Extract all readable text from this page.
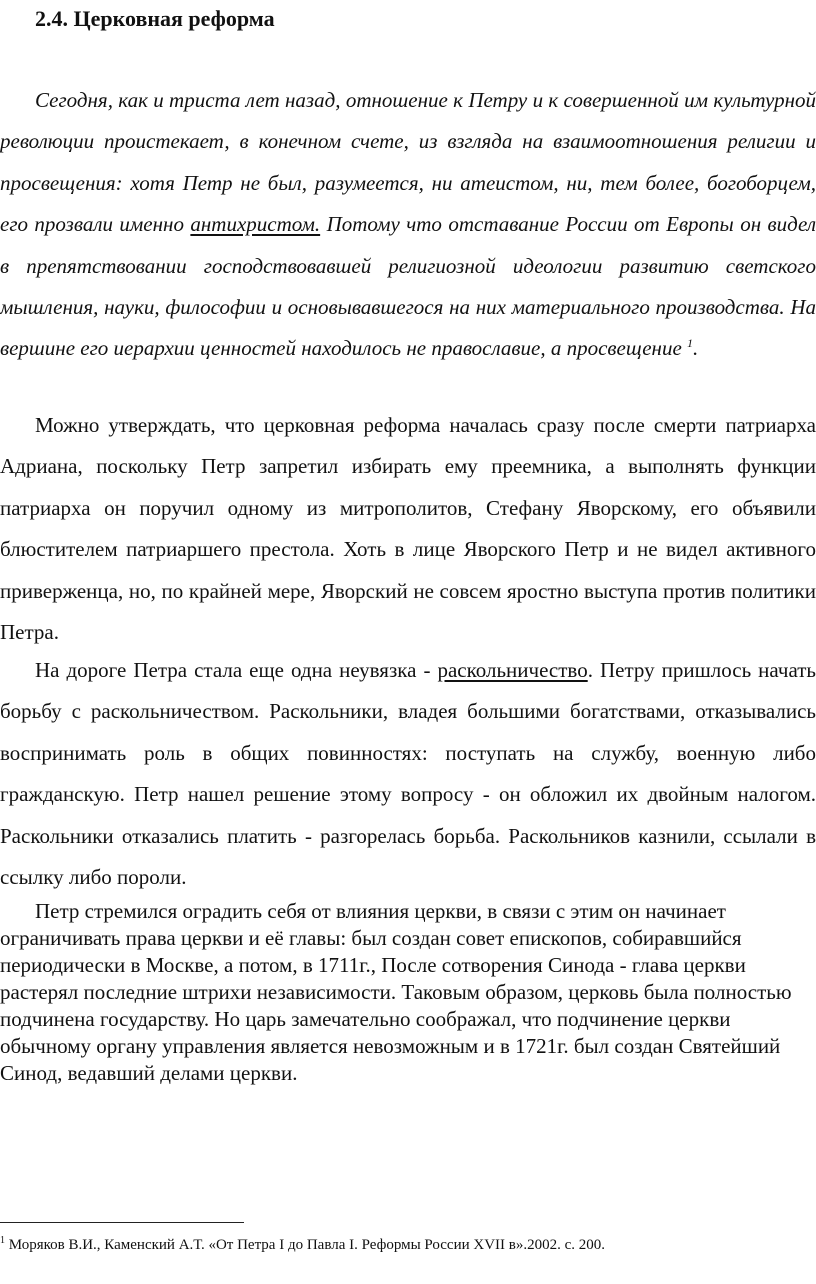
2.4. Церковная реформа

Сегодня, как и триста лет назад, отношение к Петру и к совершенной им культурной революции проистекает, в конечном счете, из взгляда на взаимоотношения религии и просвещения: хотя Петр не был, разумеется, ни атеистом, ни, тем более, богоборцем, его прозвали именно антихристом. Потому что отставание России от Европы он видел в препятствовании господствовавшей религиозной идеологии развитию светского мышления, науки, философии и основывавшегося на них материального производства. На вершине его иерархии ценностей находилось не православие, а просвещение $^1$.

Можно утверждать, что церковная реформа началась сразу после смерти патриарха Адриана, поскольку Петр запретил избирать ему преемника, а выполнять функции патриарха он поручил одному из митрополитов, Стефану Яворскому, его объявили блюстителем патриаршего престола. Хоть в лице Яворского Петр и не видел активного приверженца, но, по крайней мере, Яворский не совсем яростно выступа против политики Петра.

На дороге Петра стала еще одна неувязка - раскольничество. Петру пришлось начать борьбу с раскольничеством. Раскольники, владея большими богатствами, отказывались воспринимать роль в общих повинностях: поступать на службу, военную либо гражданскую. Петр нашел решение этому вопросу - он обложил их двойным налогом. Раскольники отказались платить - разгорелась борьба. Раскольников казнили, ссылали в ссылку либо пороли.

Петр стремился оградить себя от влияния церкви, в связи с этим он начинает ограничивать права церкви и её главы: был создан совет епископов, собиравшийся периодически в Москве, а потом, в 1711г., После сотворения Синода - глава церкви растерял последние штрихи независимости. Таковым образом, церковь была полностью подчинена государству. Но царь замечательно соображал, что подчинение церкви обычному органу управления является невозможным и в 1721г. был создан Святейший Синод, ведавший делами церкви.

$^1$ Моряков В.И., Каменский А.Т. «От Петра I до Павла I. Реформы России XVII в».2002. с. 200.
